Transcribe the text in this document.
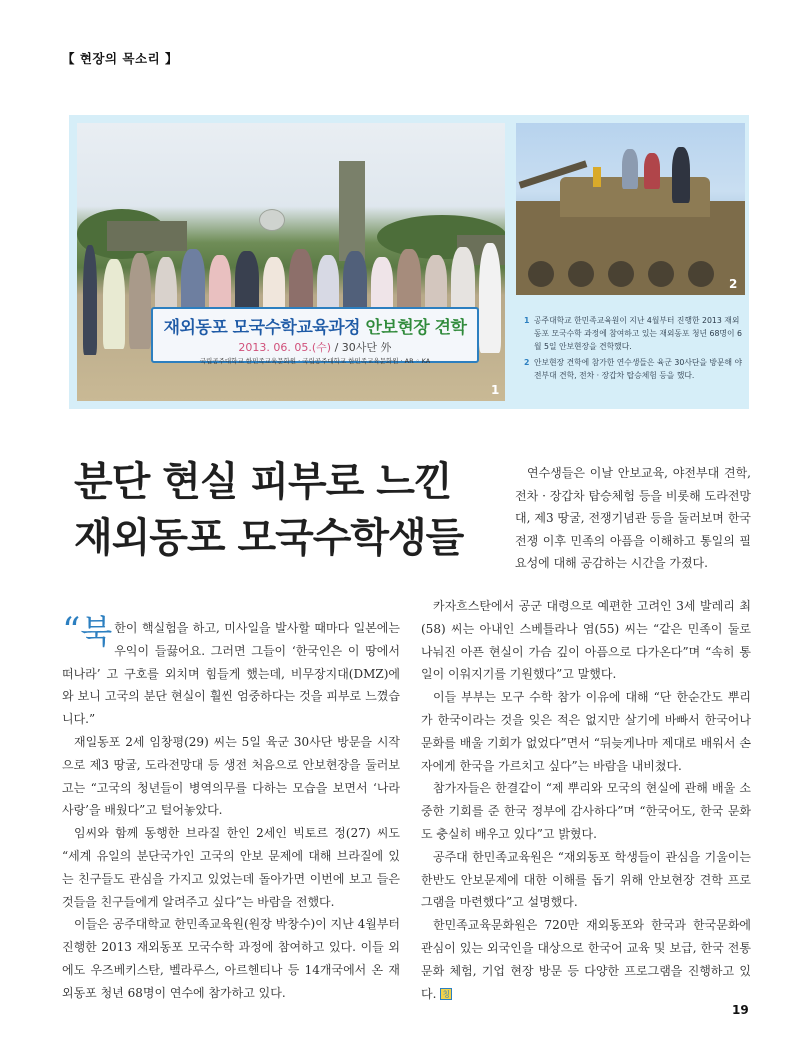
【 현장의 목소리 】
재외동포 모국수학교육과정 안보현장 견학
2013. 06. 05.(수) / 30사단 外
국립공주대학교 한민족교육문화원 · 국립공주대학교 한민족교육문화원 · AR ◦ KA
1
2
1 공주대학교 한민족교육원이 지난 4월부터 진행한 2013 재외동포 모국수학 과정에 참여하고 있는 재외동포 청년 68명이 6월 5일 안보현장을 견학했다.
2 안보현장 견학에 참가한 연수생들은 육군 30사단을 방문해 야전부대 견학, 전차 · 장갑차 탑승체험 등을 했다.
분단 현실 피부로 느낀
재외동포 모국수학생들

“북 한이 핵실험을 하고, 미사일을 발사할 때마다 일본에는 우익이 들끓어요. 그러면 그들이 ‘한국인은 이 땅에서 떠나라’ 고 구호를 외치며 힘들게 했는데, 비무장지대(DMZ)에 와 보니 고국의 분단 현실이 훨씬 엄중하다는 것을 피부로 느꼈습니다.”

재일동포 2세 임창평(29) 씨는 5일 육군 30사단 방문을 시작으로 제3 땅굴, 도라전망대 등 생전 처음으로 안보현장을 둘러보고는 “고국의 청년들이 병역의무를 다하는 모습을 보면서 ‘나라 사랑’을 배웠다”고 털어놓았다.

임씨와 함께 동행한 브라질 한인 2세인 빅토르 정(27) 씨도 “세계 유일의 분단국가인 고국의 안보 문제에 대해 브라질에 있는 친구들도 관심을 가지고 있었는데 돌아가면 이번에 보고 들은 것들을 친구들에게 알려주고 싶다”는 바람을 전했다.

이들은 공주대학교 한민족교육원(원장 박창수)이 지난 4월부터 진행한 2013 재외동포 모국수학 과정에 참여하고 있다. 이들 외에도 우즈베키스탄, 벨라루스, 아르헨티나 등 14개국에서 온 재외동포 청년 68명이 연수에 참가하고 있다.

연수생들은 이날 안보교육, 야전부대 견학, 전차 · 장갑차 탑승체험 등을 비롯해 도라전망대, 제3 땅굴, 전쟁기념관 등을 둘러보며 한국전쟁 이후 민족의 아픔을 이해하고 통일의 필요성에 대해 공감하는 시간을 가졌다.

카자흐스탄에서 공군 대령으로 예편한 고려인 3세 발레리 최(58) 씨는 아내인 스베틀라나 염(55) 씨는 “같은 민족이 둘로 나눠진 아픈 현실이 가슴 깊이 아픔으로 다가온다”며 “속히 통일이 이워지기를 기원했다”고 말했다.

이들 부부는 모구 수학 참가 이유에 대해 “단 한순간도 뿌리가 한국이라는 것을 잊은 적은 없지만 살기에 바빠서 한국어나 문화를 배울 기회가 없었다”면서 “뒤늦게나마 제대로 배워서 손자에게 한국을 가르치고 싶다”는 바람을 내비쳤다.

참가자들은 한결같이 “제 뿌리와 모국의 현실에 관해 배울 소중한 기회를 준 한국 정부에 감사하다”며 “한국어도, 한국 문화도 충실히 배우고 있다”고 밝혔다.

공주대 한민족교육원은 “재외동포 학생들이 관심을 기울이는 한반도 안보문제에 대한 이해를 돕기 위해 안보현장 견학 프로그램을 마련했다”고 설명했다.

한민족교육문화원은 720만 재외동포와 한국과 한국문화에 관심이 있는 외국인을 대상으로 한국어 교육 및 보급, 한국 전통문화 체험, 기업 현장 방문 등 다양한 프로그램을 진행하고 있다. 칭

19
